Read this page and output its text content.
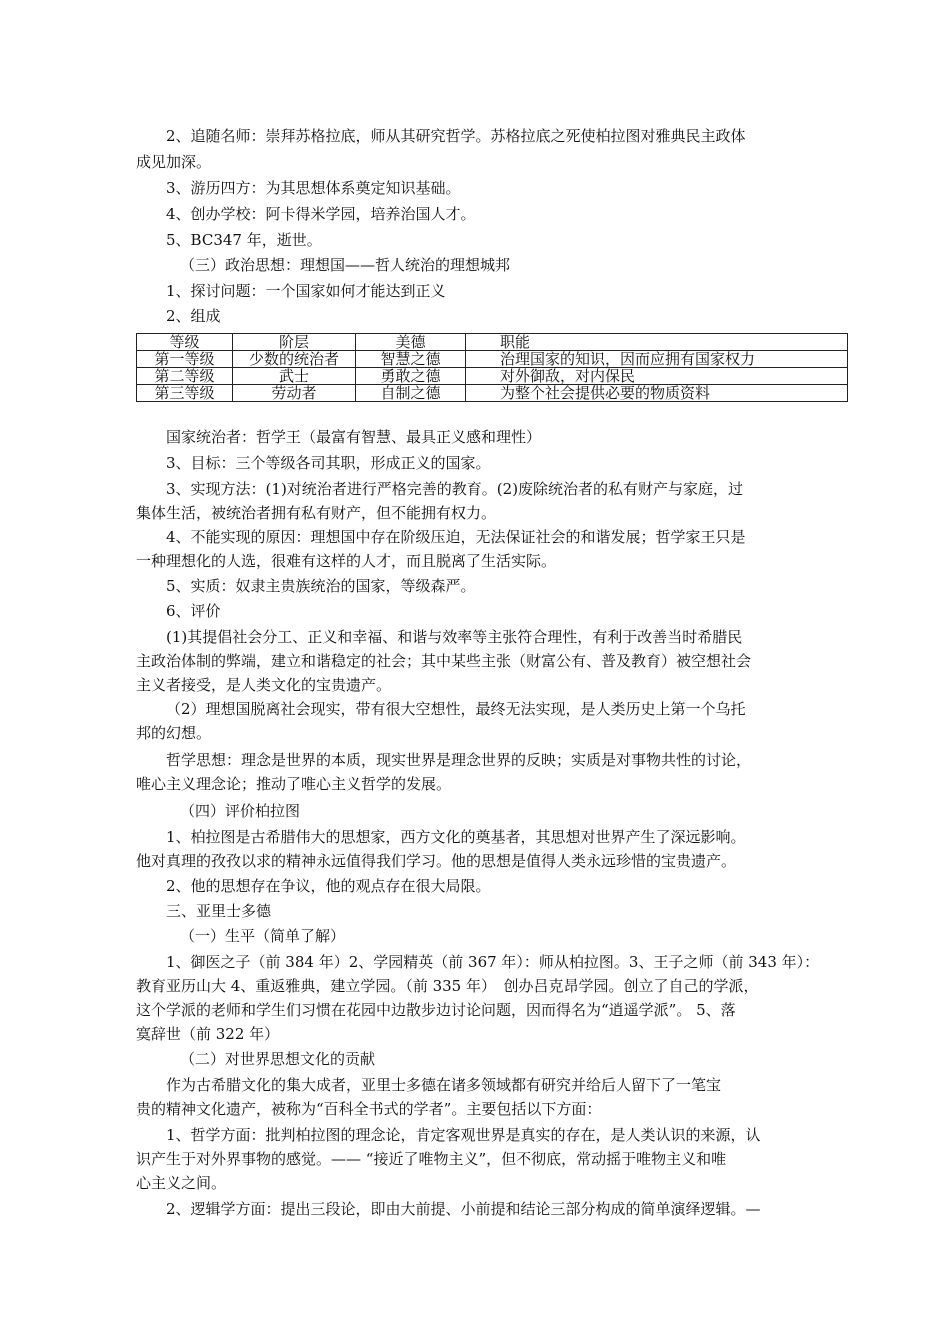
2、追随名师：崇拜苏格拉底，师从其研究哲学。苏格拉底之死使柏拉图对雅典民主政体
成见加深。
3、游历四方：为其思想体系奠定知识基础。
4、创办学校：阿卡得米学园，培养治国人才。
5、BC347 年，逝世。
（三）政治思想：理想国——哲人统治的理想城邦
1、探讨问题：一个国家如何才能达到正义
2、组成
等级	阶层	美德	职能
第一等级	少数的统治者	智慧之德	治理国家的知识，因而应拥有国家权力
第二等级	武士	勇敢之德	对外御敌，对内保民
第三等级	劳动者	自制之德	为整个社会提供必要的物质资料
国家统治者：哲学王（最富有智慧、最具正义感和理性）
3、目标：三个等级各司其职，形成正义的国家。
3、实现方法：(1)对统治者进行严格完善的教育。(2)废除统治者的私有财产与家庭，过
集体生活，被统治者拥有私有财产，但不能拥有权力。
4、不能实现的原因：理想国中存在阶级压迫，无法保证社会的和谐发展；哲学家王只是
一种理想化的人选，很难有这样的人才，而且脱离了生活实际。
5、实质：奴隶主贵族统治的国家，等级森严。
6、评价
(1)其提倡社会分工、正义和幸福、和谐与效率等主张符合理性，有利于改善当时希腊民
主政治体制的弊端，建立和谐稳定的社会；其中某些主张（财富公有、普及教育）被空想社会
主义者接受，是人类文化的宝贵遗产。
（2）理想国脱离社会现实，带有很大空想性，最终无法实现，是人类历史上第一个乌托
邦的幻想。
哲学思想：理念是世界的本质，现实世界是理念世界的反映；实质是对事物共性的讨论，
唯心主义理念论；推动了唯心主义哲学的发展。
（四）评价柏拉图
1、柏拉图是古希腊伟大的思想家，西方文化的奠基者，其思想对世界产生了深远影响。
他对真理的孜孜以求的精神永远值得我们学习。他的思想是值得人类永远珍惜的宝贵遗产。
2、他的思想存在争议，他的观点存在很大局限。
三、亚里士多德
（一）生平（简单了解）
1、御医之子（前 384 年）2、学园精英（前 367 年）：师从柏拉图。3、王子之师（前 343 年）：
教育亚历山大 4、重返雅典，建立学园。（前 335 年）　创办吕克昂学园。创立了自己的学派，
这个学派的老师和学生们习惯在花园中边散步边讨论问题，因而得名为“逍遥学派”。 5、落
寞辞世（前 322 年）
（二）对世界思想文化的贡献
作为古希腊文化的集大成者，亚里士多德在诸多领域都有研究并给后人留下了一笔宝
贵的精神文化遗产，被称为“百科全书式的学者”。主要包括以下方面：
1、哲学方面：批判柏拉图的理念论，肯定客观世界是真实的存在，是人类认识的来源，认
识产生于对外界事物的感觉。—— “接近了唯物主义”，但不彻底，常动摇于唯物主义和唯
心主义之间。
2、逻辑学方面：提出三段论，即由大前提、小前提和结论三部分构成的简单演绎逻辑。—
